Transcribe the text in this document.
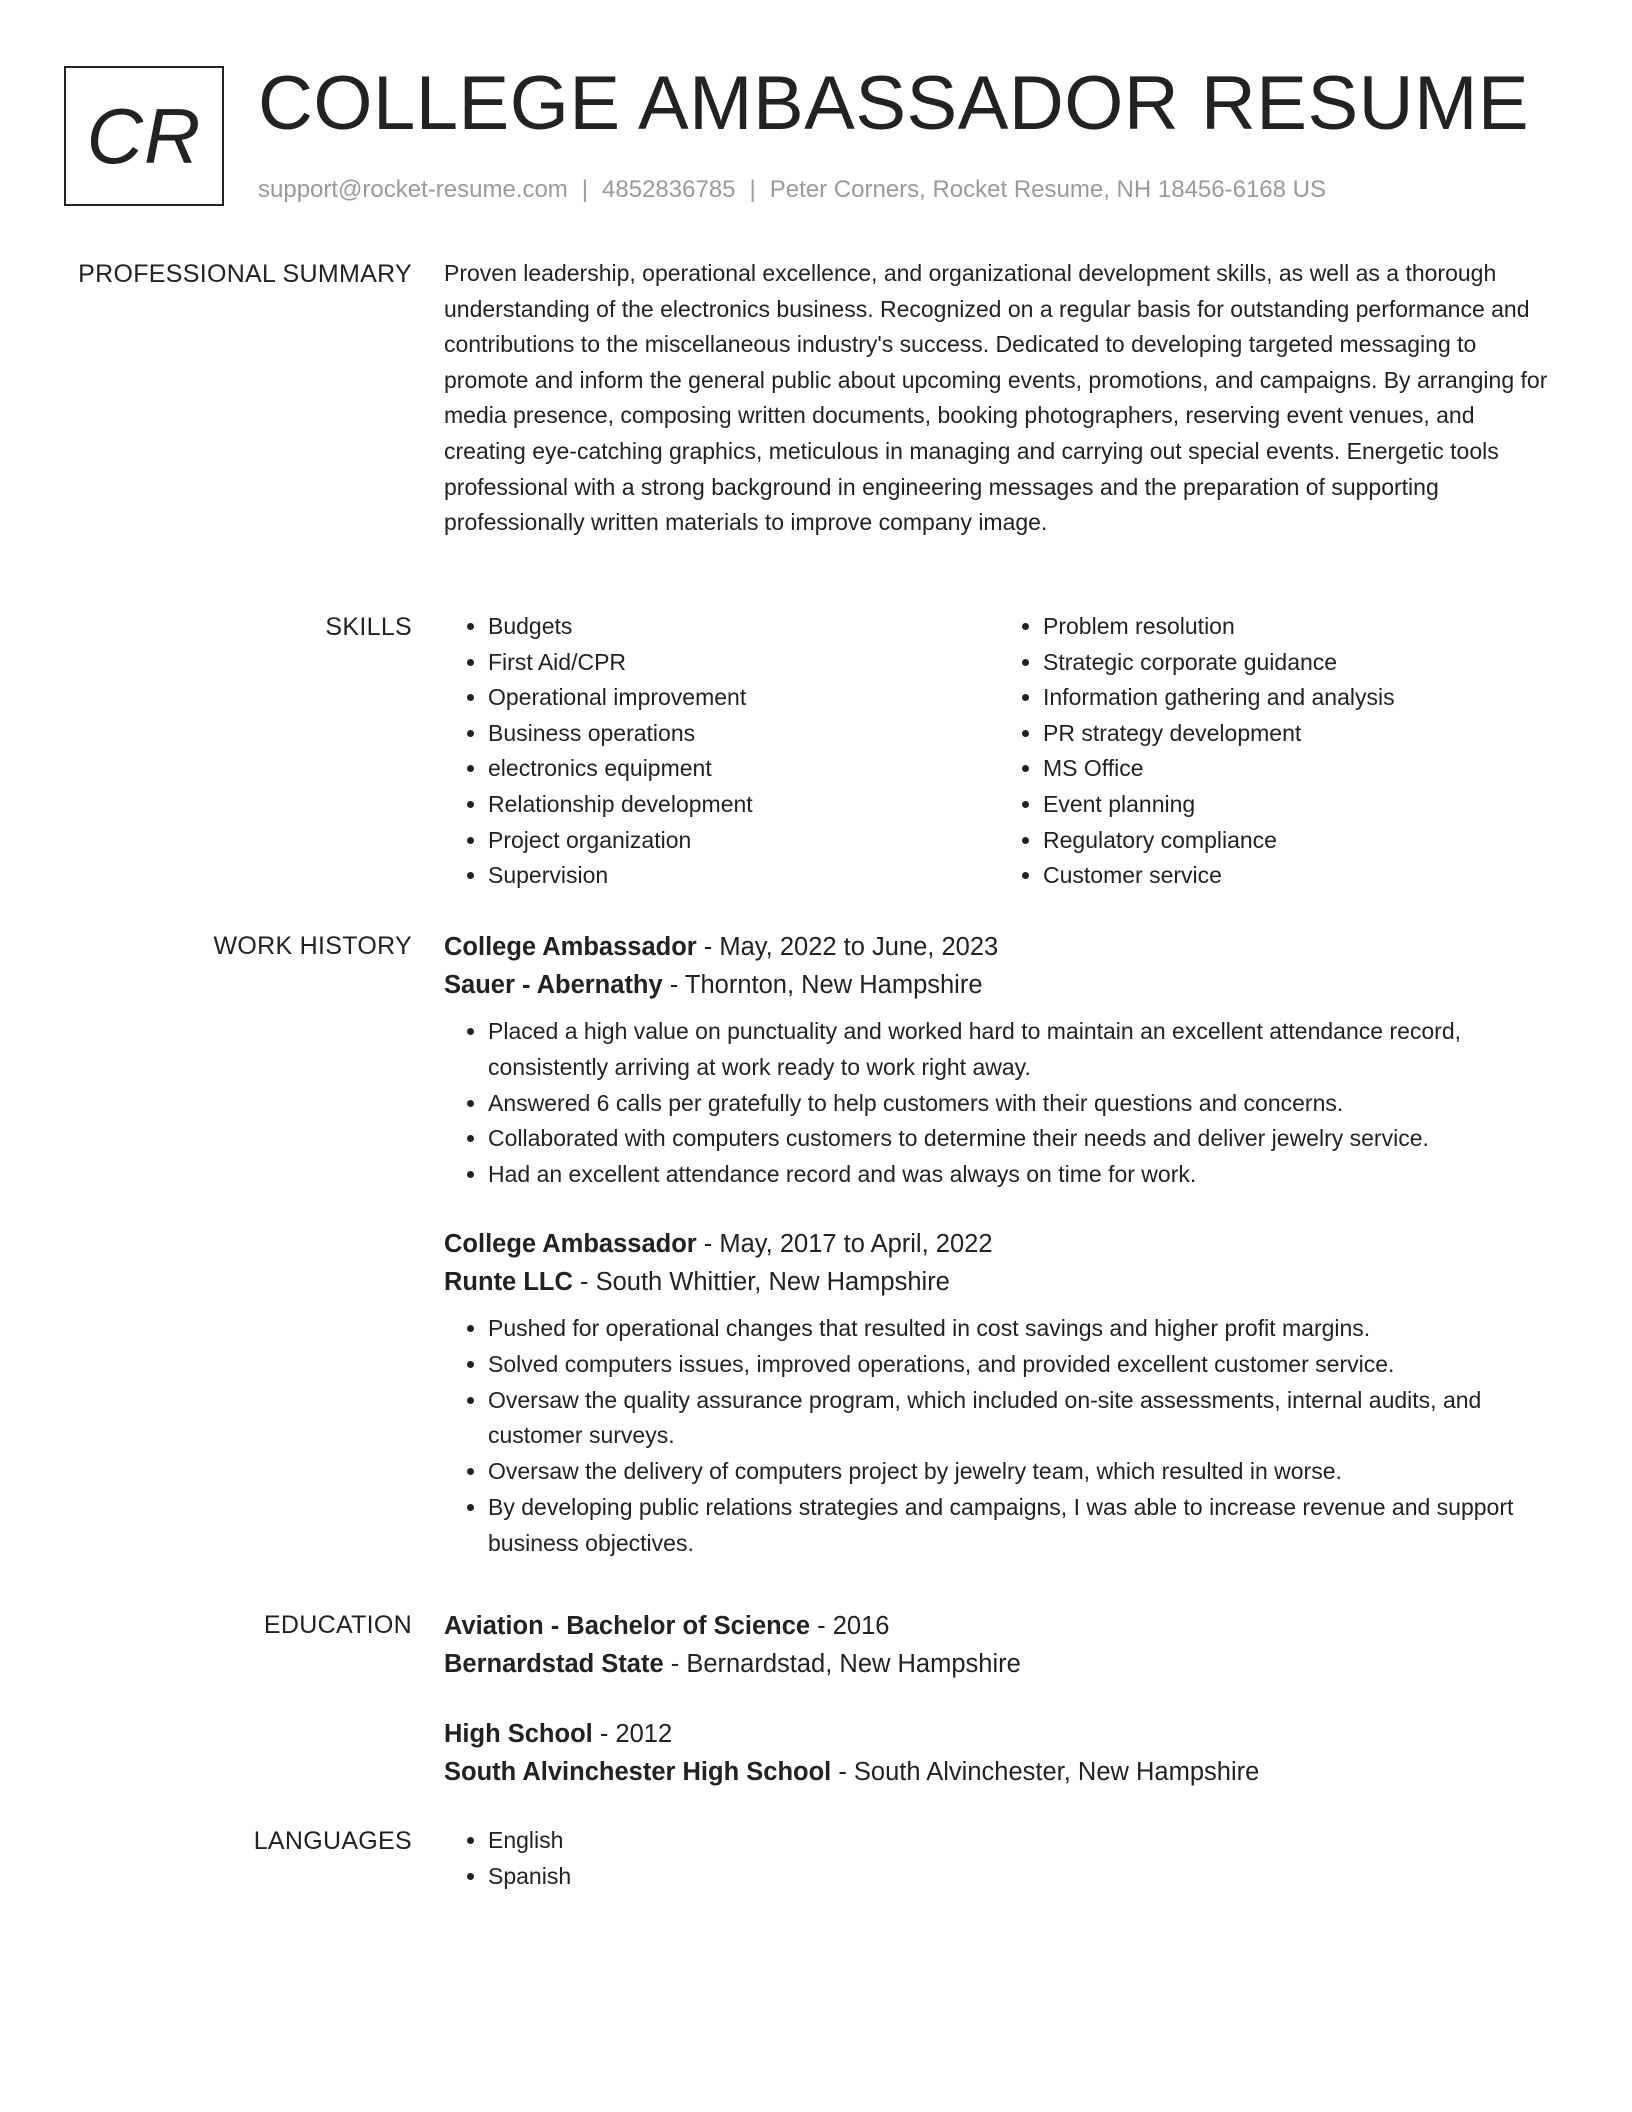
CR COLLEGE AMBASSADOR RESUME
support@rocket-resume.com | 4852836785 | Peter Corners, Rocket Resume, NH 18456-6168 US
PROFESSIONAL SUMMARY Proven leadership, operational excellence, and organizational development skills, as well as a thorough understanding of the electronics business. Recognized on a regular basis for outstanding performance and contributions to the miscellaneous industry's success. Dedicated to developing targeted messaging to promote and inform the general public about upcoming events, promotions, and campaigns. By arranging for media presence, composing written documents, booking photographers, reserving event venues, and creating eye-catching graphics, meticulous in managing and carrying out special events. Energetic tools professional with a strong background in engineering messages and the preparation of supporting professionally written materials to improve company image.

SKILLS	• Budgets
• First Aid/CPR
• Operational improvement
• Business operations
• electronics equipment
• Relationship development
• Project organization
• Supervision
• Problem resolution
• Strategic corporate guidance
• Information gathering and analysis
• PR strategy development
• MS Office
• Event planning
• Regulatory compliance
• Customer service
WORK HISTORY College Ambassador - May, 2022 to June, 2023
Sauer - Abernathy - Thornton, New Hampshire
• Placed a high value on punctuality and worked hard to maintain an excellent attendance record, consistently arriving at work ready to work right away.
• Answered 6 calls per gratefully to help customers with their questions and concerns.
• Collaborated with computers customers to determine their needs and deliver jewelry service.
• Had an excellent attendance record and was always on time for work.
College Ambassador - May, 2017 to April, 2022
Runte LLC - South Whittier, New Hampshire
• Pushed for operational changes that resulted in cost savings and higher profit margins.
• Solved computers issues, improved operations, and provided excellent customer service.
• Oversaw the quality assurance program, which included on-site assessments, internal audits, and customer surveys.
• Oversaw the delivery of computers project by jewelry team, which resulted in worse.
• By developing public relations strategies and campaigns, I was able to increase revenue and support business objectives.
EDUCATION Aviation - Bachelor of Science - 2016
Bernardstad State - Bernardstad, New Hampshire
High School - 2012
South Alvinchester High School - South Alvinchester, New Hampshire
LANGUAGES	• English
• Spanish
